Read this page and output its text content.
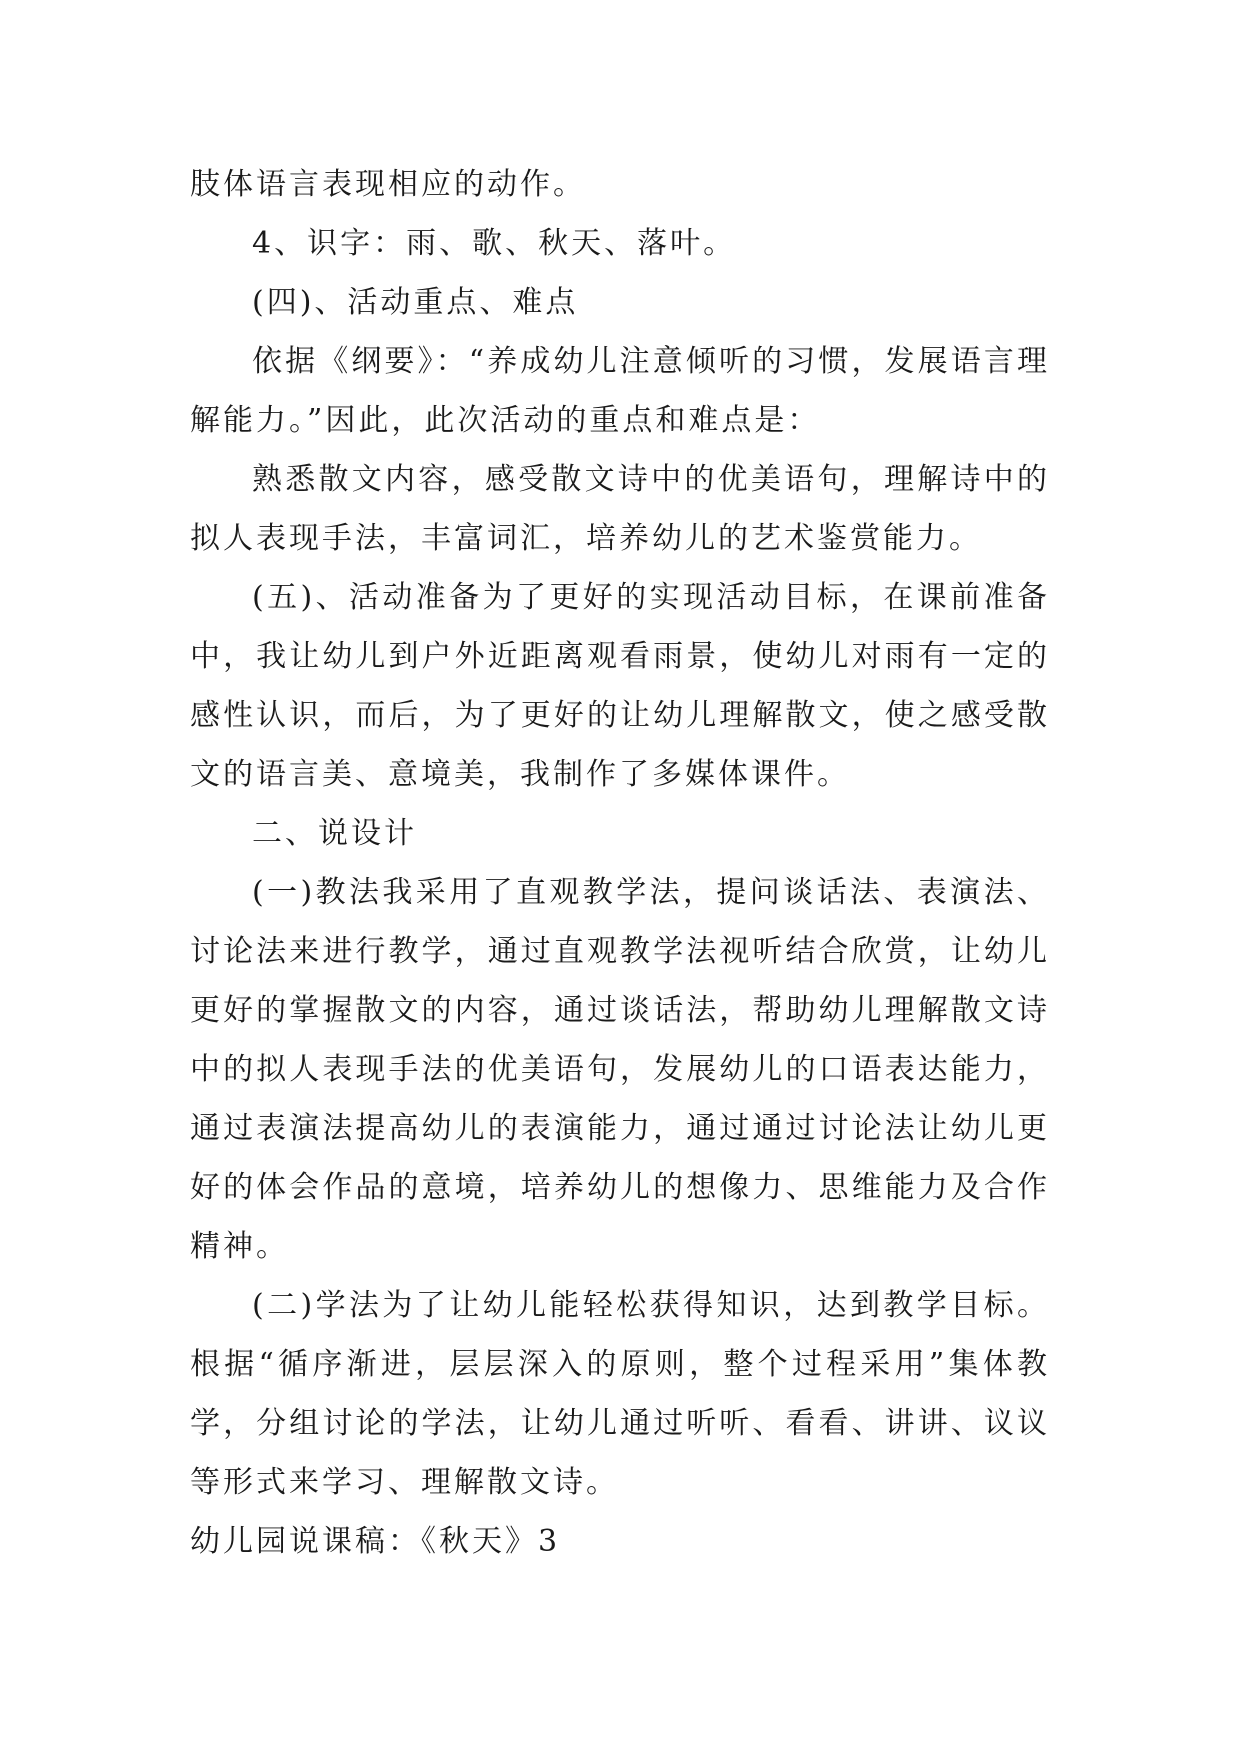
肢体语言表现相应的动作。

4、识字：雨、歌、秋天、落叶。

(四)、活动重点、难点

依据《纲要》：“养成幼儿注意倾听的习惯，发展语言理解能力。”因此，此次活动的重点和难点是：

熟悉散文内容，感受散文诗中的优美语句，理解诗中的拟人表现手法，丰富词汇，培养幼儿的艺术鉴赏能力。

(五)、活动准备为了更好的实现活动目标，在课前准备中，我让幼儿到户外近距离观看雨景，使幼儿对雨有一定的感性认识，而后，为了更好的让幼儿理解散文，使之感受散文的语言美、意境美，我制作了多媒体课件。

二、说设计

(一)教法我采用了直观教学法，提问谈话法、表演法、讨论法来进行教学，通过直观教学法视听结合欣赏，让幼儿更好的掌握散文的内容，通过谈话法，帮助幼儿理解散文诗中的拟人表现手法的优美语句，发展幼儿的口语表达能力，通过表演法提高幼儿的表演能力，通过通过讨论法让幼儿更好的体会作品的意境，培养幼儿的想像力、思维能力及合作精神。

(二)学法为了让幼儿能轻松获得知识，达到教学目标。根据“循序渐进，层层深入的原则，整个过程采用”集体教学，分组讨论的学法，让幼儿通过听听、看看、讲讲、议议等形式来学习、理解散文诗。

幼儿园说课稿：《秋天》3
